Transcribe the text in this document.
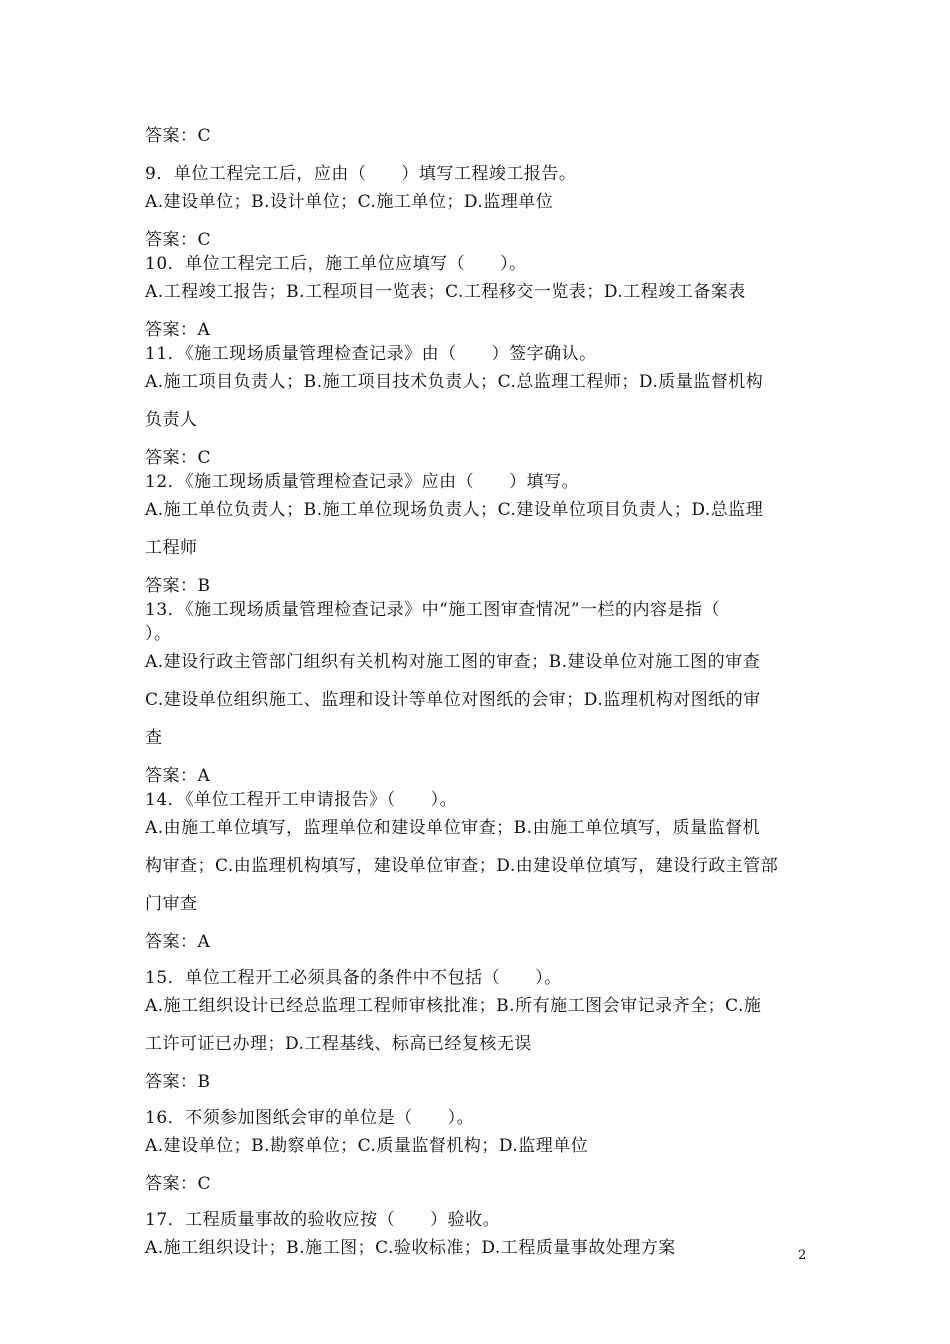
答案：C
9．单位工程完工后，应由（　　）填写工程竣工报告。
A.建设单位；B.设计单位；C.施工单位；D.监理单位
答案：C
10．单位工程完工后，施工单位应填写（　　）。
A.工程竣工报告；B.工程项目一览表；C.工程移交一览表；D.工程竣工备案表
答案：A
11．《施工现场质量管理检查记录》由（　　）签字确认。
A.施工项目负责人；B.施工项目技术负责人；C.总监理工程师；D.质量监督机构
负责人
答案：C
12．《施工现场质量管理检查记录》应由（　　）填写。
A.施工单位负责人；B.施工单位现场负责人；C.建设单位项目负责人；D.总监理
工程师
答案：B
13．《施工现场质量管理检查记录》中“施工图审查情况”一栏的内容是指（
）。
A.建设行政主管部门组织有关机构对施工图的审查；B.建设单位对施工图的审查
C.建设单位组织施工、监理和设计等单位对图纸的会审；D.监理机构对图纸的审
查
答案：A
14．《单位工程开工申请报告》（　　）。
A.由施工单位填写，监理单位和建设单位审查；B.由施工单位填写，质量监督机
构审查；C.由监理机构填写，建设单位审查；D.由建设单位填写，建设行政主管部
门审查
答案：A
15．单位工程开工必须具备的条件中不包括（　　）。
A.施工组织设计已经总监理工程师审核批准；B.所有施工图会审记录齐全；C.施
工许可证已办理；D.工程基线、标高已经复核无误
答案：B
16．不须参加图纸会审的单位是（　　）。
A.建设单位；B.勘察单位；C.质量监督机构；D.监理单位
答案：C
17．工程质量事故的验收应按（　　）验收。
A.施工组织设计；B.施工图；C.验收标准；D.工程质量事故处理方案	2
